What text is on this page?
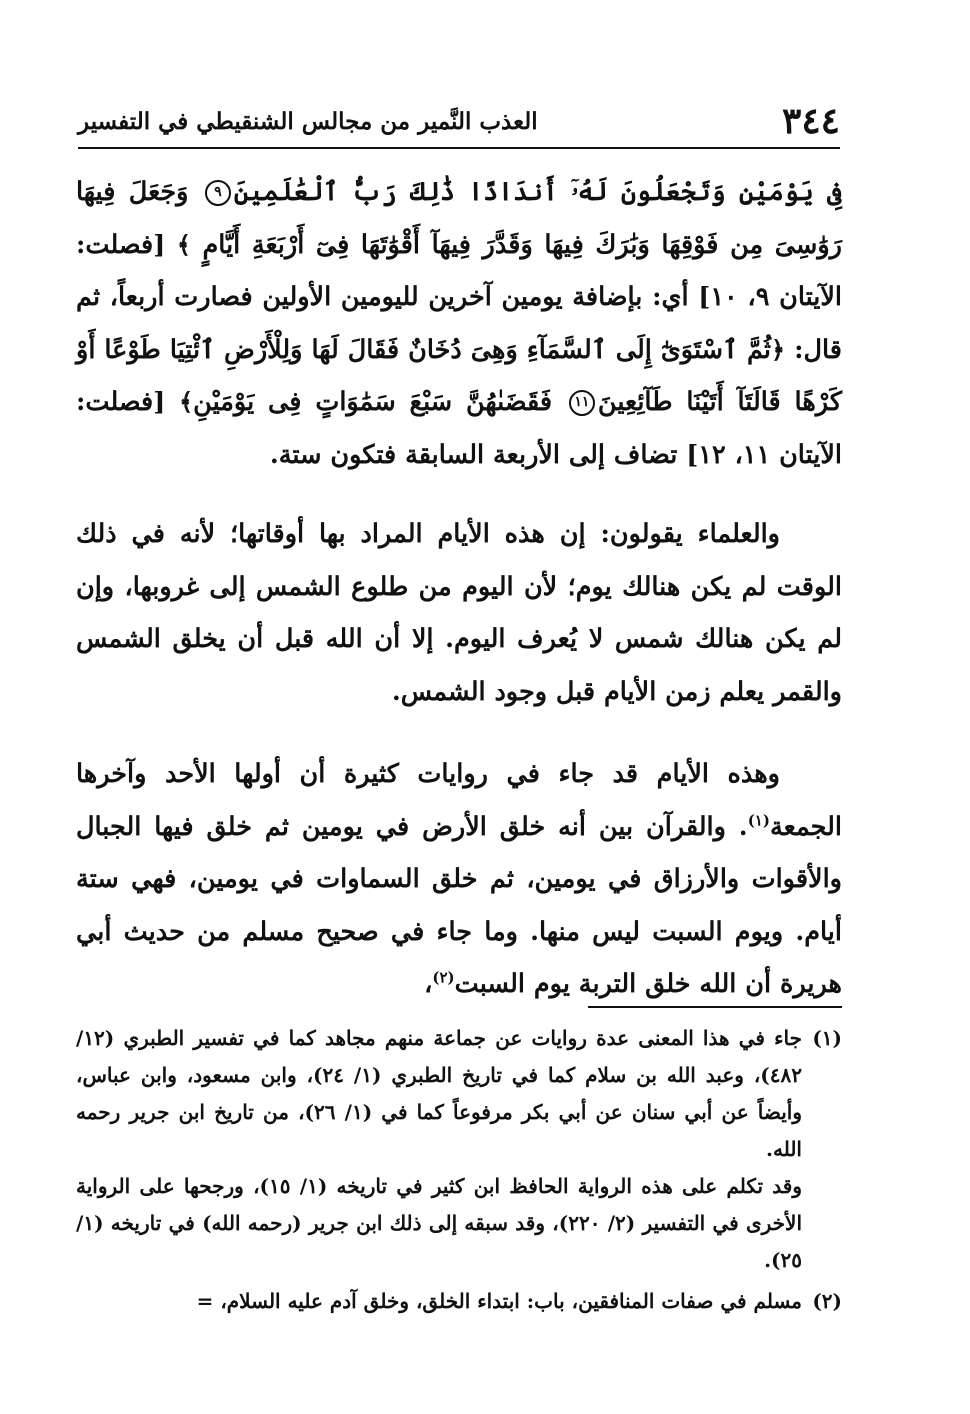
٣٤٤
العذب النَّمير من مجالس الشنقيطي في التفسير

فِى يَوْمَيْنِ وَتَجْعَلُونَ لَهُۥٓ أَندَادًا ذَٰلِكَ رَبُّ ٱلْعَٰلَمِينَ٩ وَجَعَلَ فِيهَا رَوَٰسِىَ مِن فَوْقِهَا وَبَٰرَكَ فِيهَا وَقَدَّرَ فِيهَآ أَقْوَٰتَهَا فِىٓ أَرْبَعَةِ أَيَّامٍ ﴾ [فصلت: الآيتان ٩، ١٠] أي: بإضافة يومين آخرين لليومين الأولين فصارت أربعاً، ثم قال: ﴿ثُمَّ ٱسْتَوَىٰٓ إِلَى ٱلسَّمَآءِ وَهِىَ دُخَانٌ فَقَالَ لَهَا وَلِلْأَرْضِ ٱئْتِيَا طَوْعًا أَوْ كَرْهًا قَالَتَآ أَتَيْنَا طَآئِعِينَ١١ فَقَضَىٰهُنَّ سَبْعَ سَمَٰوَاتٍ فِى يَوْمَيْنِ﴾ [فصلت: الآيتان ١١، ١٢] تضاف إلى الأربعة السابقة فتكون ستة.

والعلماء يقولون: إن هذه الأيام المراد بها أوقاتها؛ لأنه في ذلك الوقت لم يكن هنالك يوم؛ لأن اليوم من طلوع الشمس إلى غروبها، وإن لم يكن هنالك شمس لا يُعرف اليوم. إلا أن الله قبل أن يخلق الشمس والقمر يعلم زمن الأيام قبل وجود الشمس.

وهذه الأيام قد جاء في روايات كثيرة أن أولها الأحد وآخرها الجمعة$^{(١)}$. والقرآن بين أنه خلق الأرض في يومين ثم خلق فيها الجبال والأقوات والأرزاق في يومين، ثم خلق السماوات في يومين، فهي ستة أيام. ويوم السبت ليس منها. وما جاء في صحيح مسلم من حديث أبي هريرة أن الله خلق التربة يوم السبت$^{(٢)}$،

(١)
جاء في هذا المعنى عدة روايات عن جماعة منهم مجاهد كما في تفسير الطبري (١٢/ ٤٨٢)، وعبد الله بن سلام كما في تاريخ الطبري (١/ ٢٤)، وابن مسعود، وابن عباس، وأيضاً عن أبي سنان عن أبي بكر مرفوعاً كما في (١/ ٢٦)، من تاريخ ابن جرير رحمه الله.
وقد تكلم على هذه الرواية الحافظ ابن كثير في تاريخه (١/ ١٥)، ورجحها على الرواية الأخرى في التفسير (٢/ ٢٢٠)، وقد سبقه إلى ذلك ابن جرير (رحمه الله) في تاريخه (١/ ٢٥).

(٢)
مسلم في صفات المنافقين، باب: ابتداء الخلق، وخلق آدم عليه السلام، =
